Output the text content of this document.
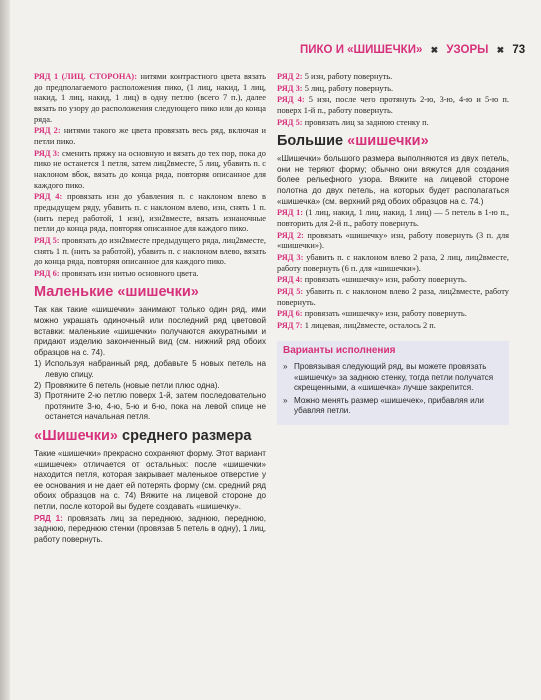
ПИКО И «ШИШЕЧКИ» ✖ УЗОРЫ ✖ 73

РЯД 1 (ЛИЦ. СТОРОНА): нитями контрастного цвета вязать до предполагаемого расположения пико, (1 лиц, накид, 1 лиц, накид, 1 лиц, накид, 1 лиц) в одну петлю (всего 7 п.), далее вязать по узору до расположения следующего пико или до конца ряда.

РЯД 2: нитями такого же цвета провязать весь ряд, включая и петли пико.

РЯД 3: сменить пряжу на основную и вязать до тех пор, пока до пико не останется 1 петля, затем лиц2вместе, 5 лиц, убавить п. с наклоном вбок, вязать до конца ряда, повторяя описанное для каждого пико.

РЯД 4: провязать изн до убавления п. с наклоном влево в предыдущем ряду, убавить п. с наклоном влево, изн, снять 1 п. (нить перед работой, 1 изн), изн2вместе, вязать изнаночные петли до конца ряда, повторяя описанное для каждого пико.

РЯД 5: провязать до изн2вместе предыдущего ряда, лиц2вместе, снять 1 п. (нить за работой), убавить п. с наклоном влево, вязать до конца ряда, повторяя описанное для каждого пико.

РЯД 6: провязать изн нитью основного цвета.

Маленькие «шишечки»

Так как такие «шишечки» занимают только один ряд, ими можно украшать одиночный или последний ряд цветовой вставки: маленькие «шишечки» получаются аккуратными и придают изделию законченный вид (см. нижний ряд обоих образцов на с. 74).

1) Используя набранный ряд, добавьте 5 новых петель на левую спицу.
2) Провяжите 6 петель (новые петли плюс одна).
3) Протяните 2-ю петлю поверх 1-й, затем последовательно протяните 3-ю, 4-ю, 5-ю и 6-ю, пока на левой спице не останется начальная петля.
«Шишечки» среднего размера

Такие «шишечки» прекрасно сохраняют форму. Этот вариант «шишечек» отличается от остальных: после «шишечки» находится петля, которая закрывает маленькое отверстие у ее основания и не дает ей потерять форму (см. средний ряд обоих образцов на с. 74) Вяжите на лицевой стороне до петли, после которой вы будете создавать «шишечку».

РЯД 1: провязать лиц за переднюю, заднюю, переднюю, заднюю, переднюю стенки (провязав 5 петель в одну), 1 лиц, работу повернуть.

РЯД 2: 5 изн, работу повернуть.

РЯД 3: 5 лиц, работу повернуть.

РЯД 4: 5 изн, после чего протянуть 2-ю, 3-ю, 4-ю и 5-ю п. поверх 1-й п., работу повернуть.

РЯД 5: провязать лиц за заднюю стенку п.

Большие «шишечки»

«Шишечки» большого размера выполняются из двух петель, они не теряют форму; обычно они вяжутся для создания более рельефного узора. Вяжите на лицевой стороне полотна до двух петель, на которых будет располагаться «шишечка» (см. верхний ряд обоих образцов на с. 74.)

РЯД 1: (1 лиц, накид, 1 лиц, накид, 1 лиц) — 5 петель в 1-ю п., повторить для 2-й п., работу повернуть.

РЯД 2: провязать «шишечку» изн, работу повернуть (3 п. для «шишечки»).

РЯД 3: убавить п. с наклоном влево 2 раза, 2 лиц, лиц2вместе, работу повернуть (6 п. для «шишечки»).

РЯД 4: провязать «шишечку» изн, работу повернуть.

РЯД 5: убавить п. с наклоном влево 2 раза, лиц2вместе, работу повернуть.

РЯД 6: провязать «шишечку» изн, работу повернуть.

РЯД 7: 1 лицевая, лиц2вместе, осталось 2 п.

Варианты исполнения
» Провязывая следующий ряд, вы можете провязать «шишечку» за заднюю стенку, тогда петли получатся скрещенными, а «шишечка» лучше закрепится.
» Можно менять размер «шишечек», прибавляя или убавляя петли.
